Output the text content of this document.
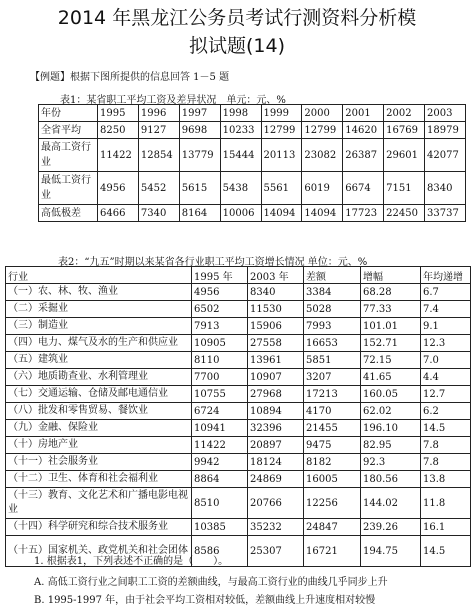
2014 年黑龙江公务员考试行测资料分析模
拟试题(14)
【例题】根据下图所提供的信息回答 1－5 题
表1：某省职工平均工资及差异状况　单元：元、%
年份	1995	1996	1997	1998	1999	2000	2001	2002	2003
全省平均	8250	9127	9698	10233	12799	12799	14620	16769	18979
最高工资行业	11422	12854	13779	15444	20113	23082	26387	29601	42077
最低工资行业	4956	5452	5615	5438	5561	6019	6674	7151	8340
高低极差	6466	7340	8164	10006	14094	14094	17723	22450	33737
表2：“九五”时期以来某省各行业职工平均工资增长情况 单位：元、%
行业	1995 年	2003 年	差额	增幅	年均递增
（一）农、林、牧、渔业	4956	8340	3384	68.28	6.7
（二）采掘业	6502	11530	5028	77.33	7.4
（三）制造业	7913	15906	7993	101.01	9.1
（四）电力、煤气及水的生产和供应业	10905	27558	16653	152.71	12.3
（五）建筑业	8110	13961	5851	72.15	7.0
（六）地质勘查业、水利管理业	7700	10907	3207	41.65	4.4
（七）交通运输、仓储及邮电通信业	10755	27968	17213	160.05	12.7
（八）批发和零售贸易、餐饮业	6724	10894	4170	62.02	6.2
（九）金融、保险业	10941	32396	21455	196.10	14.5
（十）房地产业	11422	20897	9475	82.95	7.8
（十一）社会服务业	9942	18124	8182	92.3	7.8
（十二）卫生、体育和社会福利业	8864	24869	16005	180.56	13.8
（十三）教育、文化艺术和广播电影电视业	8510	20766	12256	144.02	11.8
（十四）科学研究和综合技术服务业	10385	35232	24847	239.26	16.1
（十五）国家机关、政党机关和社会团体	8586	25307	16721	194.75	14.5
1. 根据表1，下列表述不正确的是（　　）。
A. 高低工资行业之间职工工资的差额曲线，与最高工资行业的曲线几乎同步上升
B. 1995-1997 年，由于社会平均工资相对较低，差额曲线上升速度相对较慢
